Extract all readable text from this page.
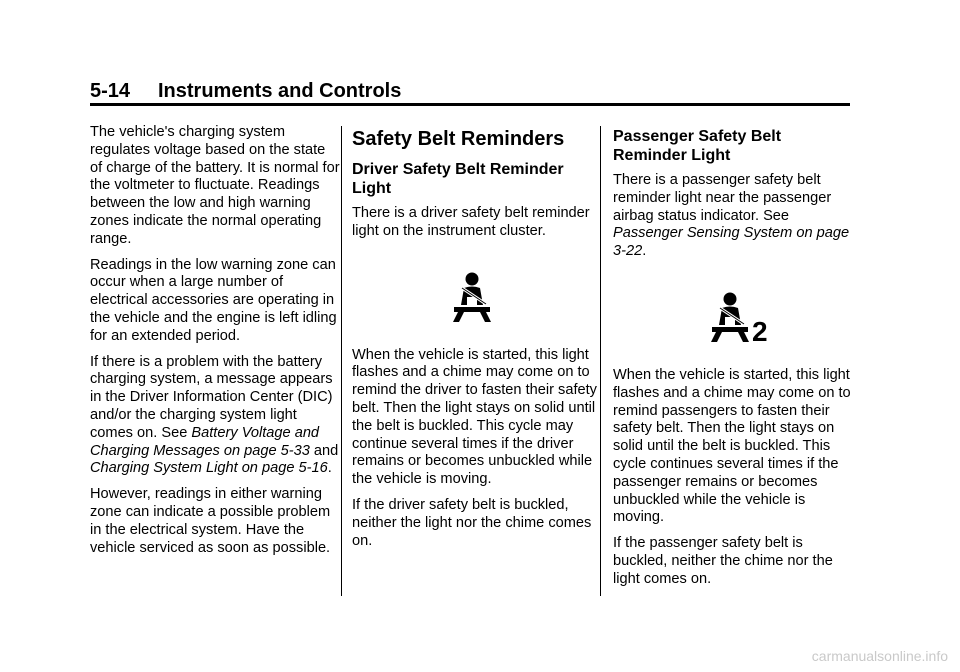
5-14 Instruments and Controls

The vehicle's charging system regulates voltage based on the state of charge of the battery. It is normal for the voltmeter to fluctuate. Readings between the low and high warning zones indicate the normal operating range.

Readings in the low warning zone can occur when a large number of electrical accessories are operating in the vehicle and the engine is left idling for an extended period.

If there is a problem with the battery charging system, a message appears in the Driver Information Center (DIC) and/or the charging system light comes on. See Battery Voltage and Charging Messages on page 5-33 and Charging System Light on page 5-16.

However, readings in either warning zone can indicate a possible problem in the electrical system. Have the vehicle serviced as soon as possible.

Safety Belt Reminders
Driver Safety Belt Reminder Light

There is a driver safety belt reminder light on the instrument cluster.

When the vehicle is started, this light flashes and a chime may come on to remind the driver to fasten their safety belt. Then the light stays on solid until the belt is buckled. This cycle may continue several times if the driver remains or becomes unbuckled while the vehicle is moving.

If the driver safety belt is buckled, neither the light nor the chime comes on.

Passenger Safety Belt Reminder Light

There is a passenger safety belt reminder light near the passenger airbag status indicator. See Passenger Sensing System on page 3-22.

2

When the vehicle is started, this light flashes and a chime may come on to remind passengers to fasten their safety belt. Then the light stays on solid until the belt is buckled. This cycle continues several times if the passenger remains or becomes unbuckled while the vehicle is moving.

If the passenger safety belt is buckled, neither the chime nor the light comes on.

carmanualsonline.info
